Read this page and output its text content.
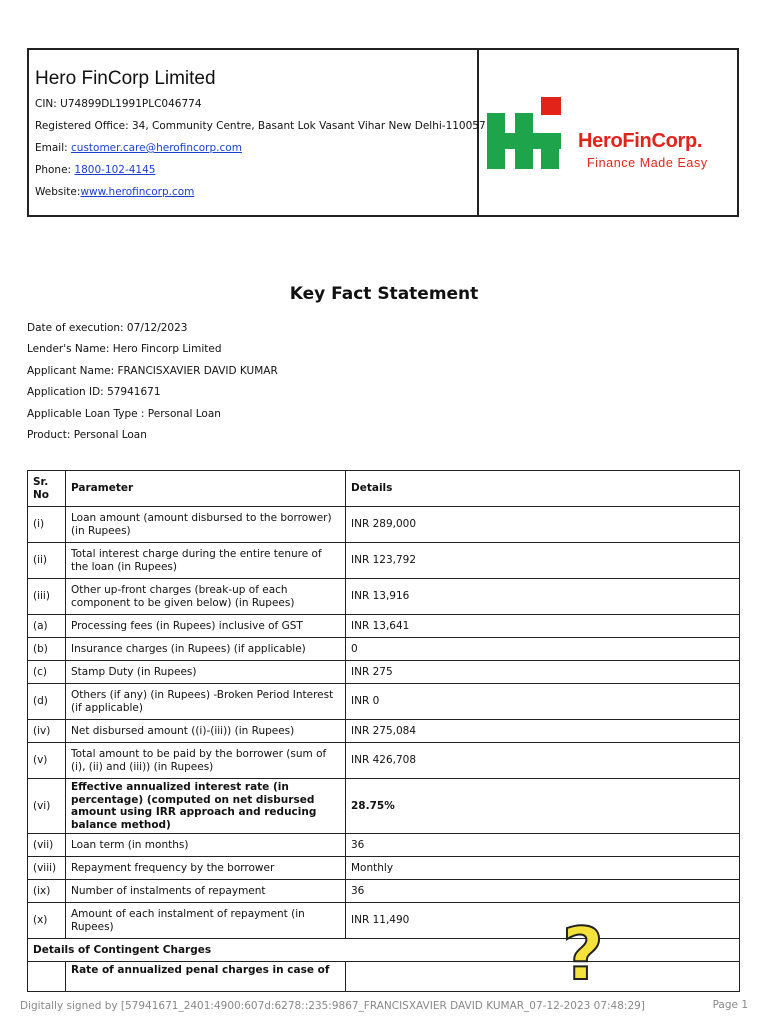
Hero FinCorp Limited

CIN: U74899DL1991PLC046774

Registered Office: 34, Community Centre, Basant Lok Vasant Vihar New Delhi-110057

Email: customer.care@herofincorp.com

Phone: 1800-102-4145

Website:www.herofincorp.com

HeroFinCorp.
Finance Made Easy
Key Fact Statement

Date of execution: 07/12/2023

Lender's Name: Hero Fincorp Limited

Applicant Name: FRANCISXAVIER DAVID KUMAR

Application ID: 57941671

Applicable Loan Type : Personal Loan

Product: Personal Loan

Sr. No	Parameter	Details
(i)	Loan amount (amount disbursed to the borrower) (in Rupees)	INR 289,000
(ii)	Total interest charge during the entire tenure of the loan (in Rupees)	INR 123,792
(iii)	Other up-front charges (break-up of each component to be given below) (in Rupees)	INR 13,916
(a)	Processing fees (in Rupees) inclusive of GST	INR 13,641
(b)	Insurance charges (in Rupees) (if applicable)	0
(c)	Stamp Duty (in Rupees)	INR 275
(d)	Others (if any) (in Rupees) -Broken Period Interest (if applicable)	INR 0
(iv)	Net disbursed amount ((i)-(iii)) (in Rupees)	INR 275,084
(v)	Total amount to be paid by the borrower (sum of (i), (ii) and (iii)) (in Rupees)	INR 426,708
(vi)	Effective annualized interest rate (in percentage) (computed on net disbursed amount using IRR approach and reducing balance method)	28.75%
(vii)	Loan term (in months)	36
(viii)	Repayment frequency by the borrower	Monthly
(ix)	Number of instalments of repayment	36
(x)	Amount of each instalment of repayment (in Rupees)	INR 11,490
Details of Contingent Charges		
	Rate of annualized penal charges in case of		?
Digitally signed by [57941671_2401:4900:607d:6278::235:9867_FRANCISXAVIER DAVID KUMAR_07-12-2023 07:48:29]	Page 1
